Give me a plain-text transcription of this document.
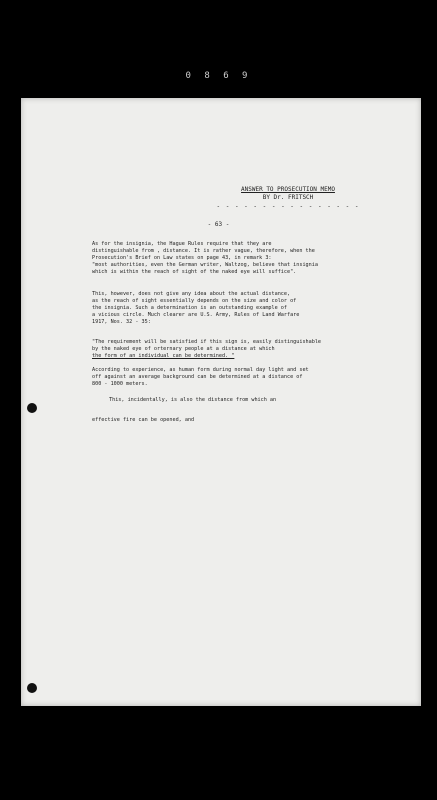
0 8 6 9
ANSWER TO PROSECUTION MEMO
BY Dr. FRITSCH
- - - - - - - - - - - - - - - -
- 63 -
As for the insignia, the Hague Rules require that they are
distinguishable from , distance. It is rather vague, therefore, when the
Prosecution's Brief on Law states on page 43, in remark 3:
"most authorities, even the German writer, Waltzog, believe that insignia
which is within the reach of sight of the naked eye will suffice".
This, however, does not give any idea about the actual distance,
as the reach of sight essentially depends on the size and color of
the insignia. Such a determination is an outstanding example of
a vicious circle. Much clearer are U.S. Army, Rules of Land Warfare
1917, Nos. 32 - 35:
"The requirement will be satisfied if this sign is, easily distinguishable
by the naked eye of orternary people at a distance at which
the form of an individual can be determined. "
According to experience, as human form during normal day light and set
off against an average background can be determined at a distance of
800 - 1000 meters.
This, incidentally, is also the distance from which an
effective fire can be opened, and
